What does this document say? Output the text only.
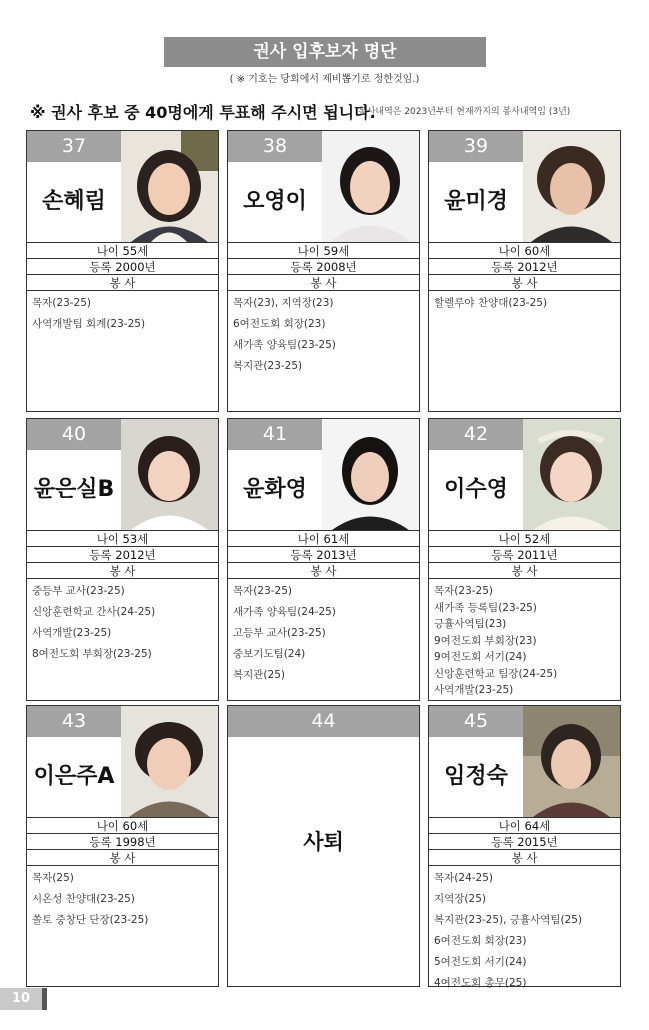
권사 입후보자 명단
( ※ 기호는 당회에서 제비뽑기로 정한것임.)
※ 권사 후보 중 40명에게 투표해 주시면 됩니다.
봉사내역은 2023년부터 현재까지의 봉사내역임 (3년)
37
손혜림
나이 55세
등록 2000년
봉 사
목자(23-25)
사역개발팀 회계(23-25)
38
오영이
나이 59세
등록 2008년
봉 사
목자(23), 지역장(23)
6여전도회 회장(23)
새가족 양육팀(23-25)
복지관(23-25)
39
윤미경
나이 60세
등록 2012년
봉 사
할렐루야 찬양대(23-25)
40
윤은실B
나이 53세
등록 2012년
봉 사
중등부 교사(23-25)
신앙훈련학교 간사(24-25)
사역개발(23-25)
8여전도회 부회장(23-25)
41
윤화영
나이 61세
등록 2013년
봉 사
목자(23-25)
새가족 양육팀(24-25)
고등부 교사(23-25)
중보기도팀(24)
복지관(25)
42
이수영
나이 52세
등록 2011년
봉 사
목자(23-25)
새가족 등록팀(23-25)
긍휼사역팀(23)
9여전도회 부회장(23)
9여전도회 서기(24)
신앙훈련학교 팀장(24-25)
사역개발(23-25)
43
이은주A
나이 60세
등록 1998년
봉 사
목자(25)
시온성 찬양대(23-25)
쏠토 중창단 단장(23-25)
44
사퇴
45
임정숙
나이 64세
등록 2015년
봉 사
목자(24-25)
지역장(25)
복지관(23-25), 긍휼사역팀(25)
6여전도회 회장(23)
5여전도회 서기(24)
4여전도회 총무(25)
10
